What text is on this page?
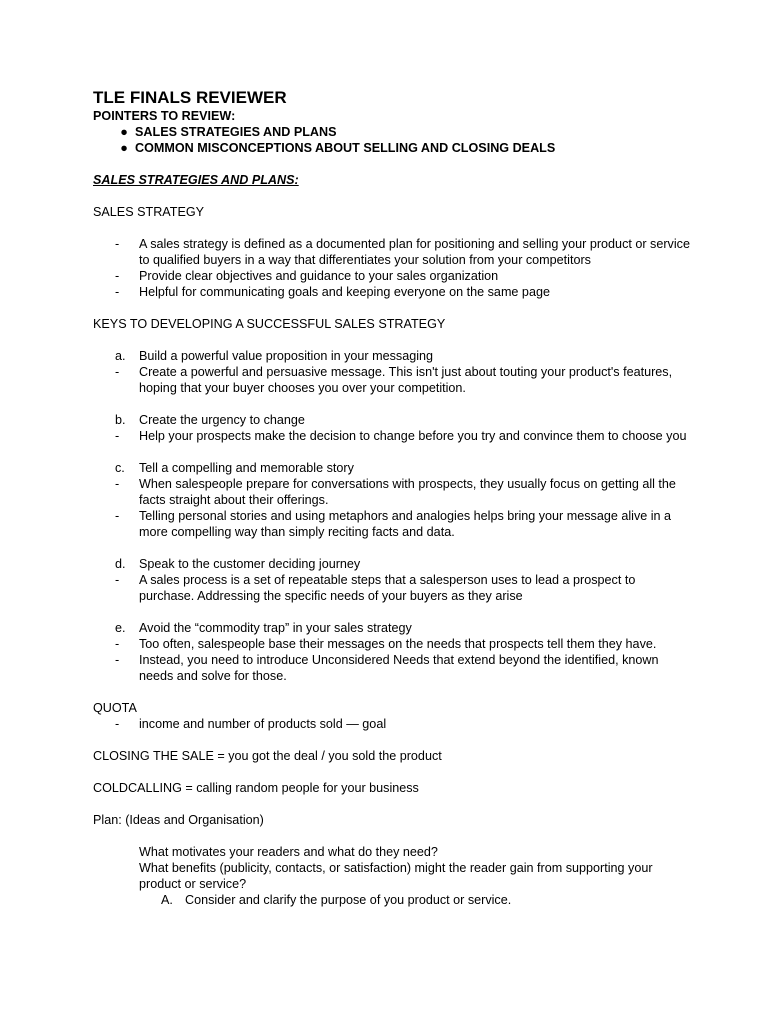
TLE FINALS REVIEWER
POINTERS TO REVIEW:
● SALES STRATEGIES AND PLANS
● COMMON MISCONCEPTIONS ABOUT SELLING AND CLOSING DEALS
SALES STRATEGIES AND PLANS:
SALES STRATEGY
-	A sales strategy is defined as a documented plan for positioning and selling your product or service to qualified buyers in a way that differentiates your solution from your competitors
-	Provide clear objectives and guidance to your sales organization
-	Helpful for communicating goals and keeping everyone on the same page
KEYS TO DEVELOPING A SUCCESSFUL SALES STRATEGY
a.	Build a powerful value proposition in your messaging
-	Create a powerful and persuasive message. This isn't just about touting your product's features, hoping that your buyer chooses you over your competition.
b.	Create the urgency to change
-	Help your prospects make the decision to change before you try and convince them to choose you
c.	Tell a compelling and memorable story
-	When salespeople prepare for conversations with prospects, they usually focus on getting all the facts straight about their offerings.
-	Telling personal stories and using metaphors and analogies helps bring your message alive in a more compelling way than simply reciting facts and data.
d.	Speak to the customer deciding journey
-	A sales process is a set of repeatable steps that a salesperson uses to lead a prospect to purchase. Addressing the specific needs of your buyers as they arise
e.	Avoid the “commodity trap” in your sales strategy
-	Too often, salespeople base their messages on the needs that prospects tell them they have.
-	Instead, you need to introduce Unconsidered Needs that extend beyond the identified, known needs and solve for those.
QUOTA
-	income and number of products sold — goal
CLOSING THE SALE = you got the deal / you sold the product
COLDCALLING = calling random people for your business
Plan: (Ideas and Organisation)
What motivates your readers and what do they need?
What benefits (publicity, contacts, or satisfaction) might the reader gain from supporting your product or service?
A. Consider and clarify the purpose of you product or service.
